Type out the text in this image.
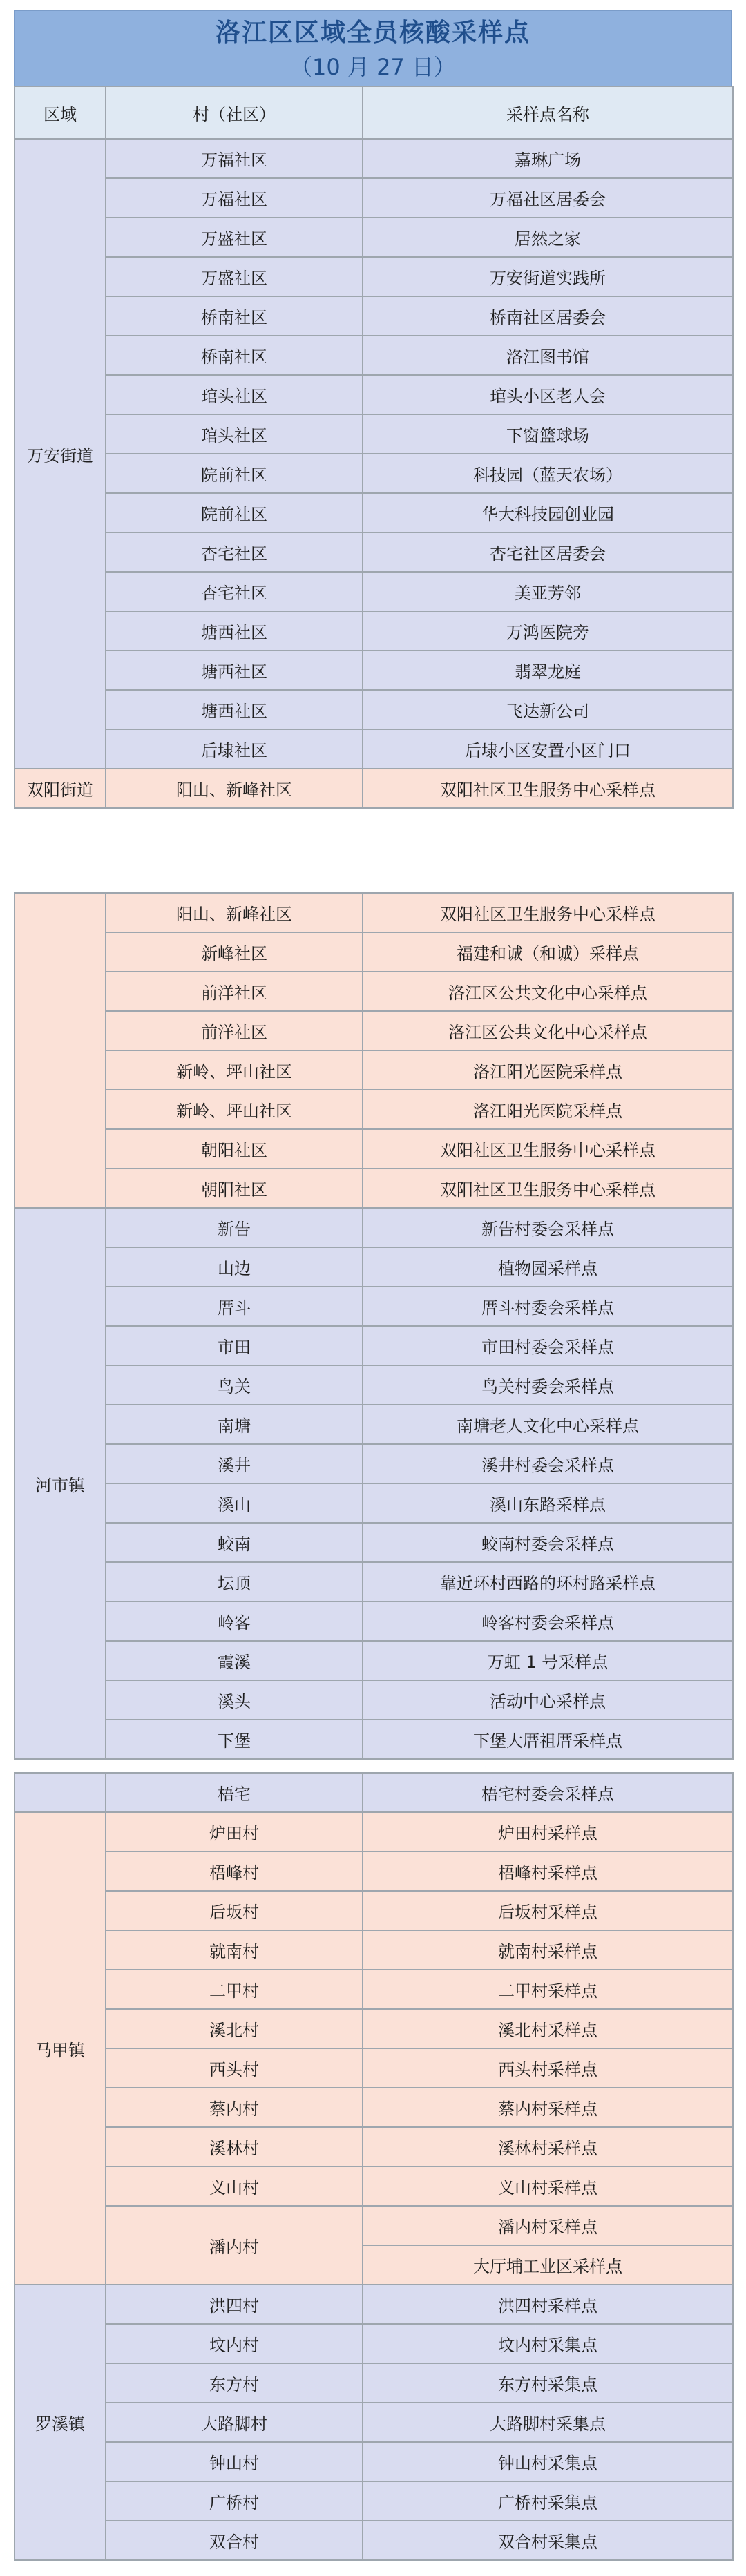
洛江区区域全员核酸采样点
（10 月 27 日）
区域	村（社区）	采样点名称
万安街道	万福社区	嘉琳广场
	万福社区	万福社区居委会
	万盛社区	居然之家
	万盛社区	万安街道实践所
	桥南社区	桥南社区居委会
	桥南社区	洛江图书馆
	琯头社区	琯头小区老人会
	琯头社区	下窗篮球场
	院前社区	科技园（蓝天农场）
	院前社区	华大科技园创业园
	杏宅社区	杏宅社区居委会
	杏宅社区	美亚芳邻
	塘西社区	万鸿医院旁
	塘西社区	翡翠龙庭
	塘西社区	飞达新公司
	后埭社区	后埭小区安置小区门口
双阳街道	阳山、新峰社区	双阳社区卫生服务中心采样点
	阳山、新峰社区	双阳社区卫生服务中心采样点
	新峰社区	福建和诚（和诚）采样点
	前洋社区	洛江区公共文化中心采样点
	前洋社区	洛江区公共文化中心采样点
	新岭、坪山社区	洛江阳光医院采样点
	新岭、坪山社区	洛江阳光医院采样点
	朝阳社区	双阳社区卫生服务中心采样点
	朝阳社区	双阳社区卫生服务中心采样点
河市镇	新告	新告村委会采样点
	山边	植物园采样点
	厝斗	厝斗村委会采样点
	市田	市田村委会采样点
	鸟关	鸟关村委会采样点
	南塘	南塘老人文化中心采样点
	溪井	溪井村委会采样点
	溪山	溪山东路采样点
	蛟南	蛟南村委会采样点
	坛顶	靠近环村西路的环村路采样点
	岭客	岭客村委会采样点
	霞溪	万虹 1 号采样点
	溪头	活动中心采样点
	下堡	下堡大厝祖厝采样点
	梧宅	梧宅村委会采样点
马甲镇	炉田村	炉田村采样点
	梧峰村	梧峰村采样点
	后坂村	后坂村采样点
	就南村	就南村采样点
	二甲村	二甲村采样点
	溪北村	溪北村采样点
	西头村	西头村采样点
	蔡内村	蔡内村采样点
	溪林村	溪林村采样点
	义山村	义山村采样点
	潘内村	潘内村采样点
		大厅埔工业区采样点
罗溪镇	洪四村	洪四村采样点
	坟内村	坟内村采集点
	东方村	东方村采集点
	大路脚村	大路脚村采集点
	钟山村	钟山村采集点
	广桥村	广桥村采集点
	双合村	双合村采集点
